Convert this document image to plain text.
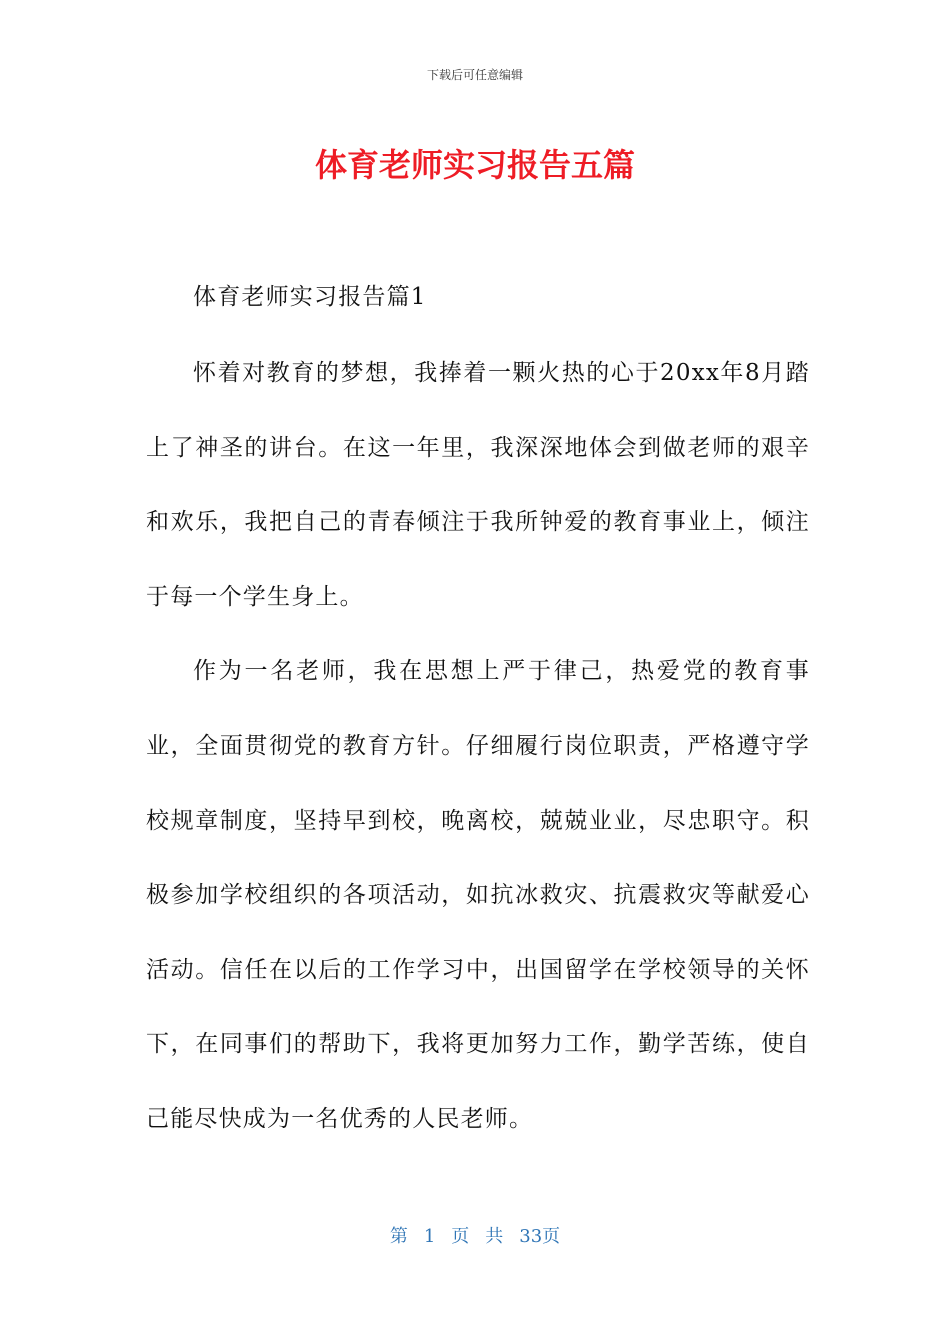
下载后可任意编辑
体育老师实习报告五篇

体育老师实习报告篇1

怀着对教育的梦想，我捧着一颗火热的心于20xx年8月踏上了神圣的讲台。在这一年里，我深深地体会到做老师的艰辛和欢乐，我把自己的青春倾注于我所钟爱的教育事业上，倾注于每一个学生身上。

作为一名老师，我在思想上严于律己，热爱党的教育事业，全面贯彻党的教育方针。仔细履行岗位职责，严格遵守学校规章制度，坚持早到校，晚离校，兢兢业业，尽忠职守。积极参加学校组织的各项活动，如抗冰救灾、抗震救灾等献爱心活动。信任在以后的工作学习中，出国留学在学校领导的关怀下，在同事们的帮助下，我将更加努力工作，勤学苦练，使自己能尽快成为一名优秀的人民老师。

第 1 页 共 33页
